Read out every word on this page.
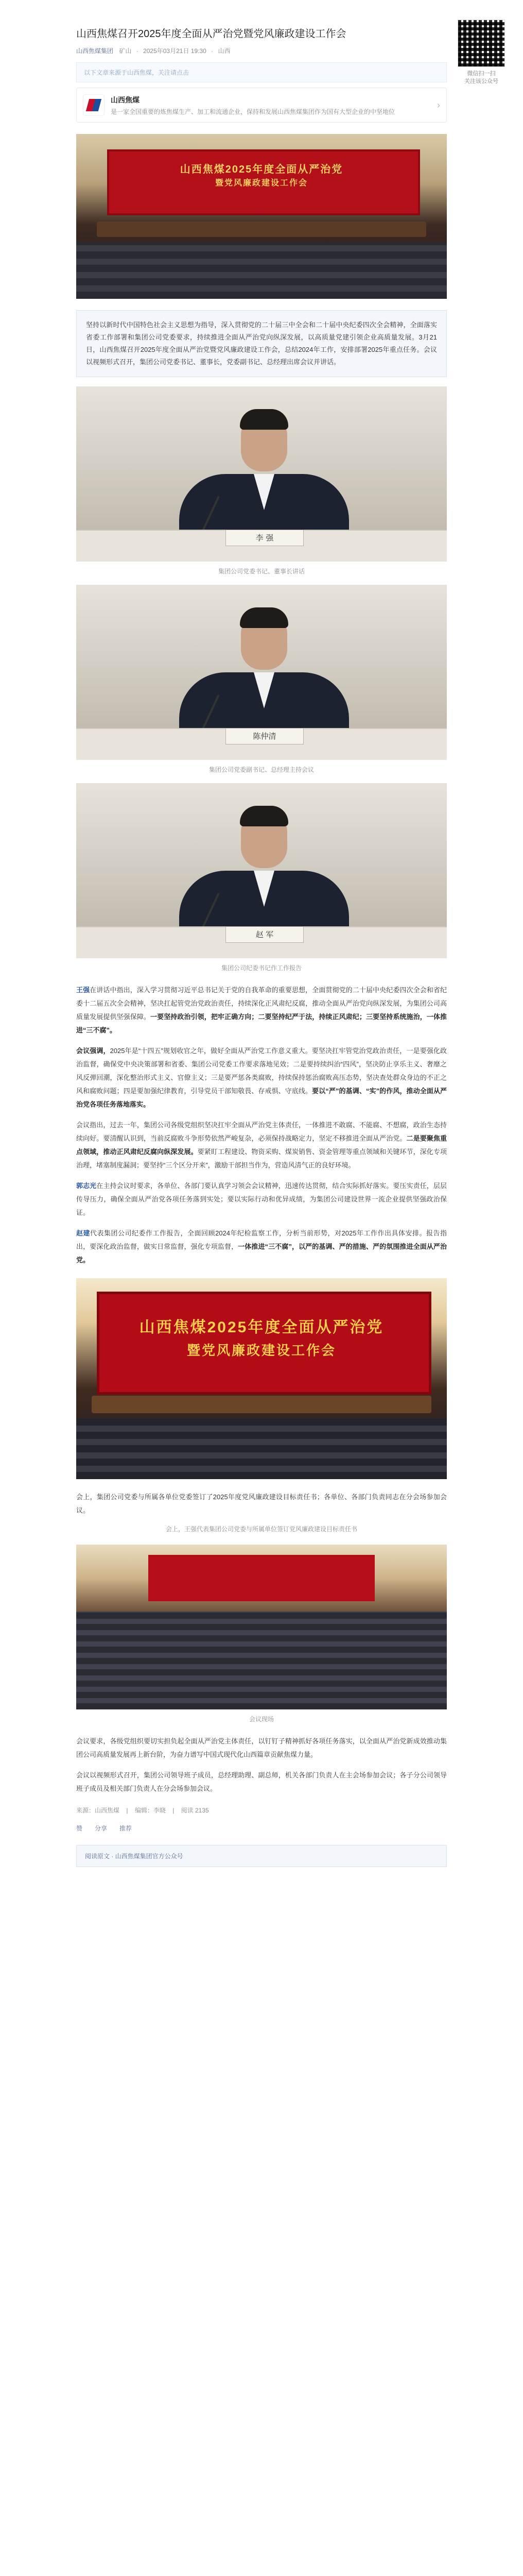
山西焦煤召开2025年度全面从严治党暨党风廉政建设工作会
山西焦煤集团 矿山 · 2025年03月21日 19:30 · 山西
以下文章来源于山西焦煤，关注请点击
山西焦煤
是一家全国重要的炼焦煤生产、加工和流通企业，保持和发展山西焦煤集团作为国有大型企业的中坚地位
›
山西焦煤2025年度全面从严治党
暨党风廉政建设工作会
坚持以新时代中国特色社会主义思想为指导，深入贯彻党的二十届三中全会和二十届中央纪委四次全会精神，全面落实省委工作部署和集团公司党委要求，持续推进全面从严治党向纵深发展，以高质量党建引领企业高质量发展。3月21日，山西焦煤召开2025年度全面从严治党暨党风廉政建设工作会，总结2024年工作，安排部署2025年重点任务。会议以视频形式召开，集团公司党委书记、董事长，党委副书记、总经理出席会议并讲话。
李 强
集团公司党委书记、董事长讲话
陈仲清
集团公司党委副书记、总经理主持会议
赵 军
集团公司纪委书记作工作报告

王强在讲话中指出，深入学习贯彻习近平总书记关于党的自我革命的重要思想，全面贯彻党的二十届中央纪委四次全会和省纪委十二届五次全会精神，坚决扛起管党治党政治责任，持续深化正风肃纪反腐，推动全面从严治党向纵深发展，为集团公司高质量发展提供坚强保障。一要坚持政治引领，把牢正确方向；二要坚持纪严于法，持续正风肃纪；三要坚持系统施治，一体推进“三不腐”。

会议强调，2025年是“十四五”规划收官之年，做好全面从严治党工作意义重大。要坚决扛牢管党治党政治责任，一是要强化政治监督，确保党中央决策部署和省委、集团公司党委工作要求落地见效；二是要持续纠治“四风”，坚决防止享乐主义、奢靡之风反弹回潮，深化整治形式主义、官僚主义；三是要严惩各类腐败，持续保持惩治腐败高压态势，坚决查处群众身边的不正之风和腐败问题；四是要加强纪律教育，引导党员干部知敬畏、存戒惧、守底线。要以“严”的基调、“实”的作风，推动全面从严治党各项任务落地落实。

会议指出，过去一年，集团公司各级党组织坚决扛牢全面从严治党主体责任，一体推进不敢腐、不能腐、不想腐，政治生态持续向好。要清醒认识到，当前反腐败斗争形势依然严峻复杂，必须保持战略定力，坚定不移推进全面从严治党。二是要聚焦重点领域，推动正风肃纪反腐向纵深发展。要紧盯工程建设、物资采购、煤炭销售、资金管理等重点领域和关键环节，深化专项治理，堵塞制度漏洞；要坚持“三个区分开来”，激励干部担当作为，营造风清气正的良好环境。

郭志光在主持会议时要求，各单位、各部门要认真学习领会会议精神，迅速传达贯彻，结合实际抓好落实。要压实责任，层层传导压力，确保全面从严治党各项任务落到实处；要以实际行动和优异成绩，为集团公司建设世界一流企业提供坚强政治保证。

赵建代表集团公司纪委作工作报告，全面回顾2024年纪检监察工作，分析当前形势，对2025年工作作出具体安排。报告指出，要深化政治监督，做实日常监督，强化专项监督，一体推进“三不腐”，以严的基调、严的措施、严的氛围推进全面从严治党。

山西焦煤2025年度全面从严治党
暨党风廉政建设工作会

会上，集团公司党委与所属各单位党委签订了2025年度党风廉政建设目标责任书；各单位、各部门负责同志在分会场参加会议。

会上，王强代表集团公司党委与所属单位签订党风廉政建设目标责任书
会议现场

会议要求，各级党组织要切实担负起全面从严治党主体责任，以钉钉子精神抓好各项任务落实，以全面从严治党新成效推动集团公司高质量发展再上新台阶，为奋力谱写中国式现代化山西篇章贡献焦煤力量。

会议以视频形式召开，集团公司领导班子成员，总经理助理、副总师，机关各部门负责人在主会场参加会议；各子分公司领导班子成员及相关部门负责人在分会场参加会议。

来源：山西焦煤 | 编辑：李晓 | 阅读 2135
赞 分享 推荐
阅读原文 · 山西焦煤集团官方公众号
微信扫一扫
关注该公众号
